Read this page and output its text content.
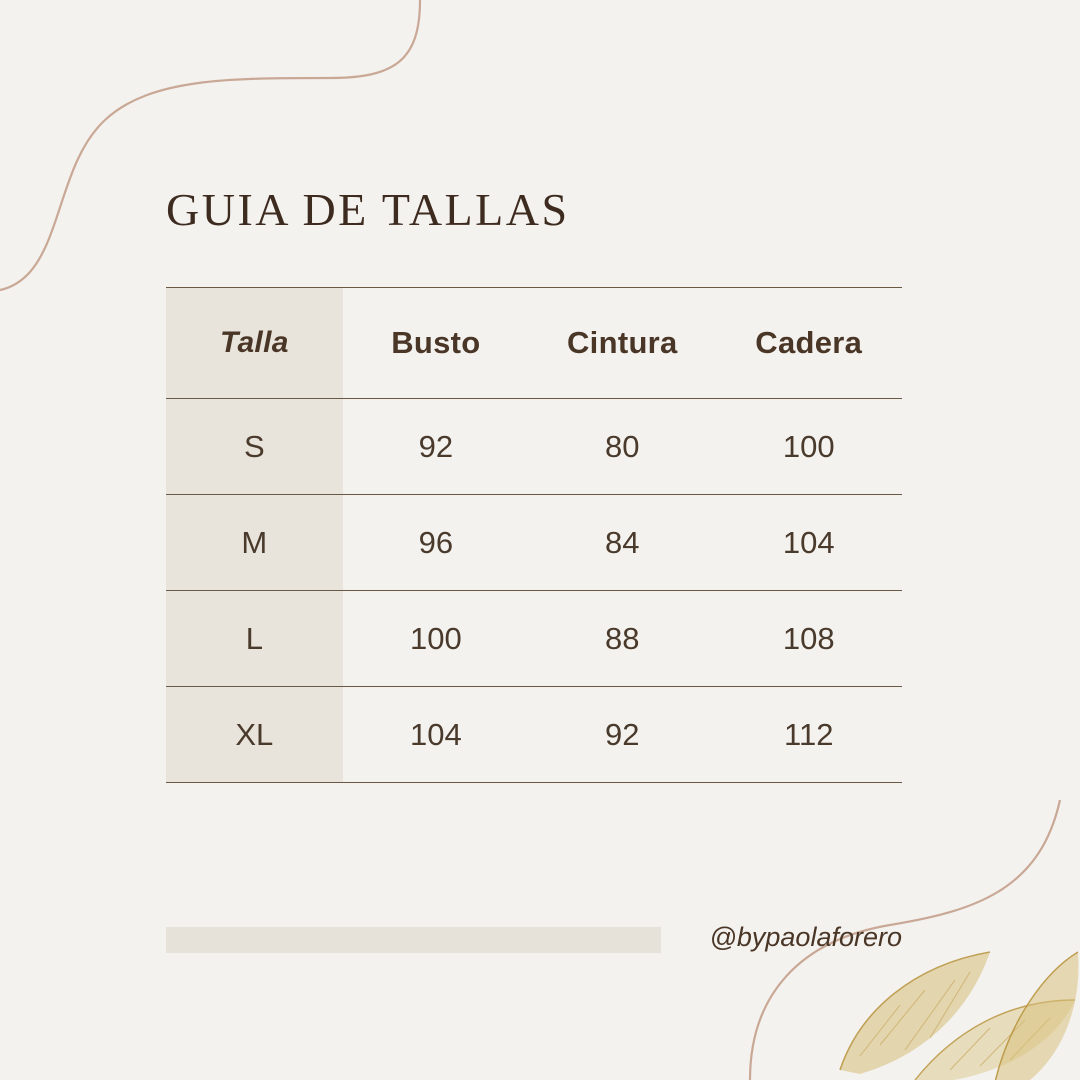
GUIA DE TALLAS
Talla	Busto	Cintura	Cadera
S	92	80	100
M	96	84	104
L	100	88	108
XL	104	92	112
@bypaolaforero
